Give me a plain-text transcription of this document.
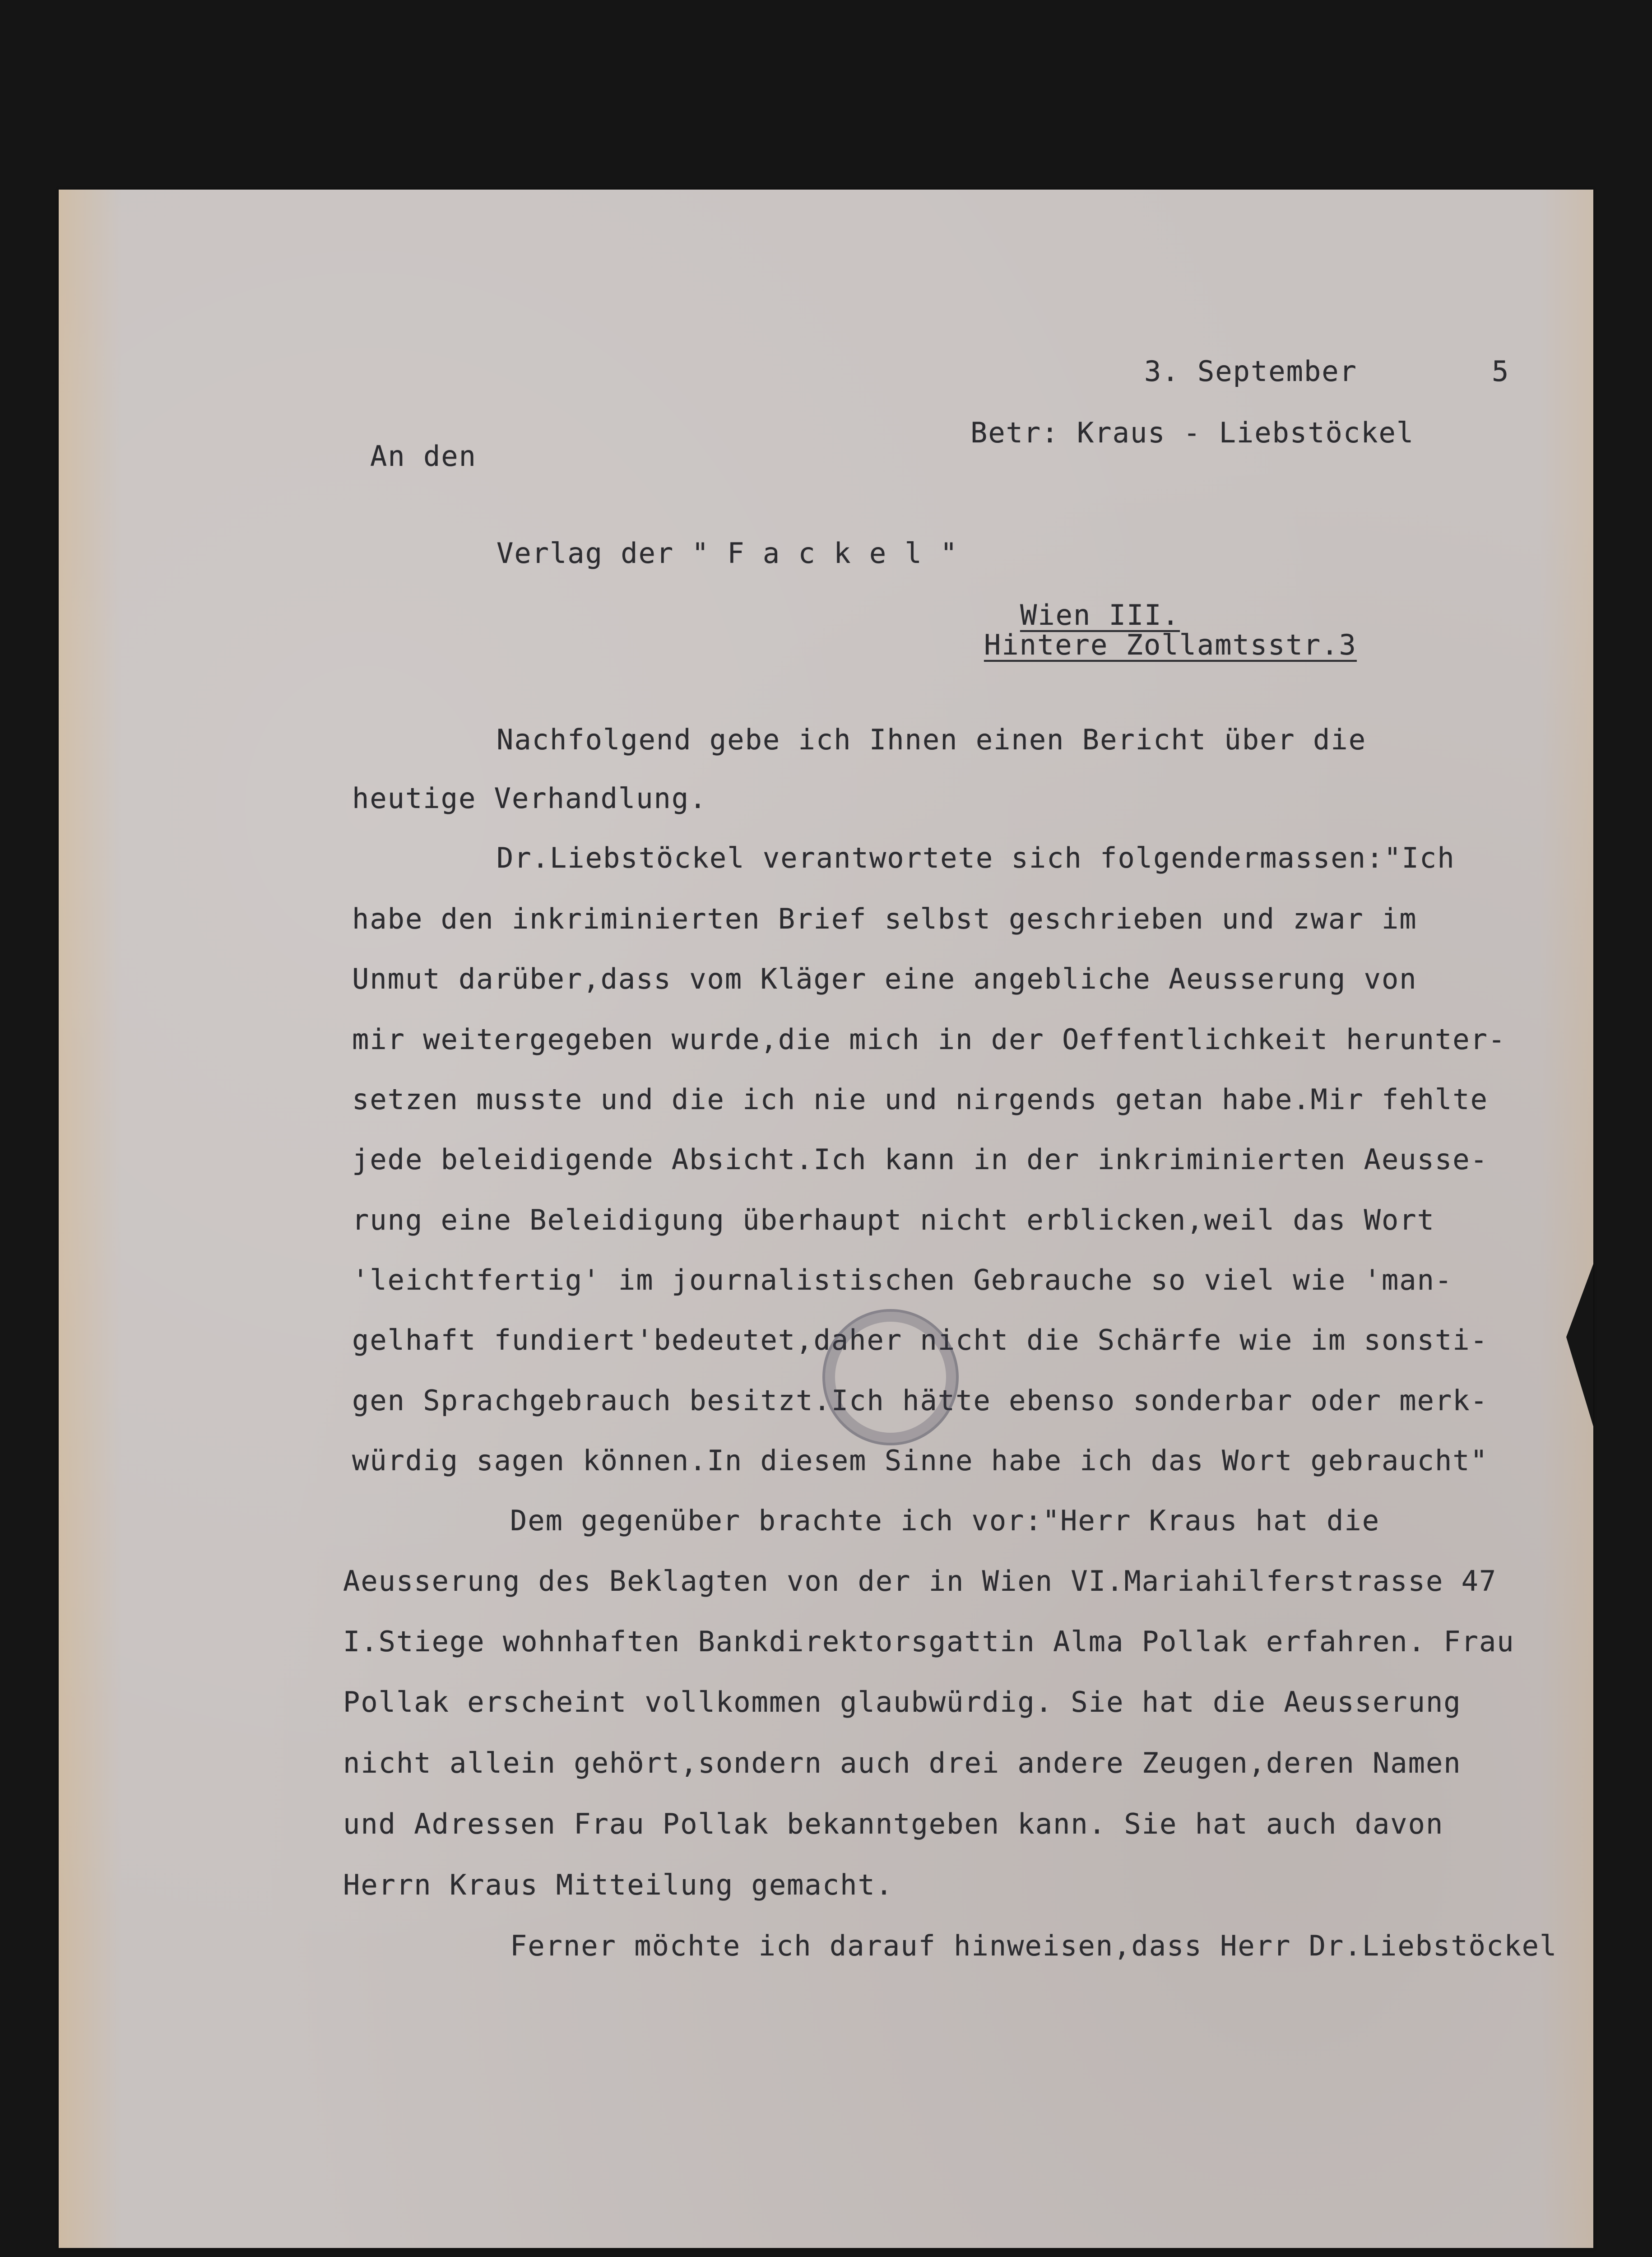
3. September	5
Betr: Kraus - Liebstöckel
An den
Verlag der " F a c k e l "
Wien III.
Hintere Zollamtsstr.3
Nachfolgend gebe ich Ihnen einen Bericht über die
heutige Verhandlung.
Dr.Liebstöckel verantwortete sich folgendermassen:"Ich
habe den inkriminierten Brief selbst geschrieben und zwar im
Unmut darüber,dass vom Kläger eine angebliche Aeusserung von
mir weitergegeben wurde,die mich in der Oeffentlichkeit herunter-
setzen musste und die ich nie und nirgends getan habe.Mir fehlte
jede beleidigende Absicht.Ich kann in der inkriminierten Aeusse-
rung eine Beleidigung überhaupt nicht erblicken,weil das Wort
'leichtfertig' im journalistischen Gebrauche so viel wie 'man-
gelhaft fundiert'bedeutet,daher nicht die Schärfe wie im sonsti-
gen Sprachgebrauch besitzt.Ich hätte ebenso sonderbar oder merk-
würdig sagen können.In diesem Sinne habe ich das Wort gebraucht"
Dem gegenüber brachte ich vor:"Herr Kraus hat die
Aeusserung des Beklagten von der in Wien VI.Mariahilferstrasse 47
I.Stiege wohnhaften Bankdirektorsgattin Alma Pollak erfahren. Frau
Pollak erscheint vollkommen glaubwürdig. Sie hat die Aeusserung
nicht allein gehört,sondern auch drei andere Zeugen,deren Namen
und Adressen Frau Pollak bekanntgeben kann. Sie hat auch davon
Herrn Kraus Mitteilung gemacht.
Ferner möchte ich darauf hinweisen,dass Herr Dr.Liebstöckel
